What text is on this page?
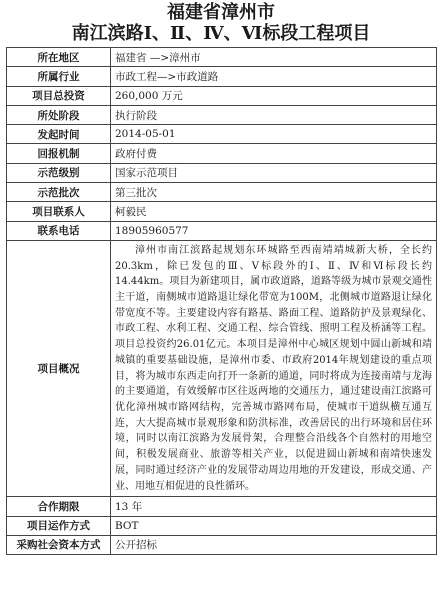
福建省漳州市
南江滨路Ⅰ、Ⅱ、Ⅳ、Ⅵ标段工程项目
所在地区	福建省 —>漳州市
所属行业	市政工程—>市政道路
项目总投资	260,000 万元
所处阶段	执行阶段
发起时间	2014-05-01
回报机制	政府付费
示范级别	国家示范项目
示范批次	第三批次
项目联系人	柯毅民
联系电话	18905960577
项目概况	漳州市南江滨路起规划东环城路至西南靖靖城新大桥，全长约20.3km，除已发包的Ⅲ、Ⅴ标段外的Ⅰ、Ⅱ、Ⅳ和Ⅵ标段长约14.44km。项目为新建项目，属市政道路，道路等级为城市景观交通性主干道，南侧城市道路退让绿化带宽为100M，北侧城市道路退让绿化带宽度不等。主要建设内容有路基、路面工程、道路防护及景观绿化、市政工程、水利工程、交通工程、综合管线、照明工程及桥涵等工程。项目总投资约26.01亿元。本项目是漳州中心城区规划中圆山新城和靖城镇的重要基础设施，是漳州市委、市政府2014年规划建设的重点项目，将为城市东西走向打开一条新的通道，同时将成为连接南靖与龙海的主要通道，有效缓解市区往返两地的交通压力，通过建设南江滨路可优化漳州城市路网结构，完善城市路网布局，使城市干道纵横互通互连，大大提高城市景观形象和防洪标准，改善居民的出行环境和居住环境，同时以南江滨路为发展骨架，合理整合沿线各个自然村的用地空间，积极发展商业、旅游等相关产业，以促进圆山新城和南靖快速发展，同时通过经济产业的发展带动周边用地的开发建设，形成交通、产业、用地互相促进的良性循环。
合作期限	13 年
项目运作方式	BOT
采购社会资本方式	公开招标
